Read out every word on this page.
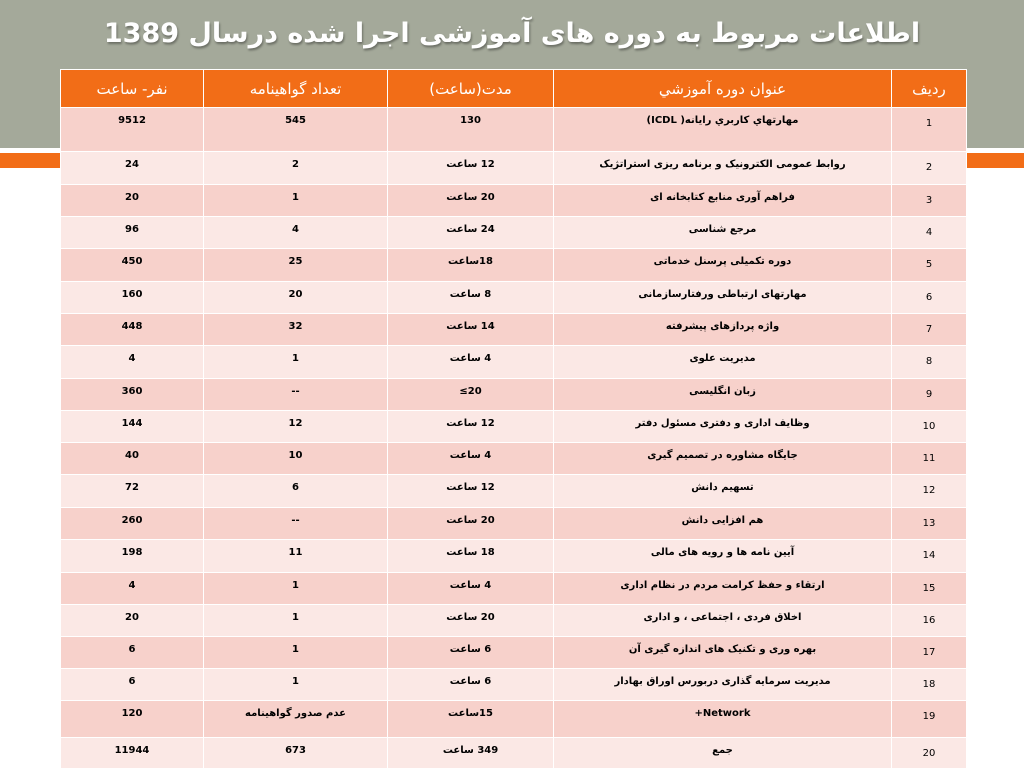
اطلاعات مربوط به دوره های آموزشی اجرا شده درسال 1389
ردیف	عنوان دوره آموزشي	مدت(ساعت)	تعداد گواهینامه	نفر- ساعت
1	مهارتهاي كاربري رايانه( ICDL)	130	545	9512
2	روابط عمومی الکترونیک و برنامه ریزی استراتژیک	12 ساعت	2	24
3	فراهم آوری منابع کتابخانه ای	20 ساعت	1	20
4	مرجع شناسی	24 ساعت	4	96
5	دوره تکمیلی پرسنل خدماتی	18ساعت	25	450
6	مهارتهای ارتباطی ورفتارسازمانی	8 ساعت	20	160
7	واژه پردازهای پیشرفته	14 ساعت	32	448
8	مدیریت علوی	4 ساعت	1	4
9	زبان انگلیسی	20≥	--	360
10	وظایف اداری و دفتری مسئول دفتر	12 ساعت	12	144
11	جایگاه مشاوره در تصمیم گیری	4 ساعت	10	40
12	تسهیم دانش	12 ساعت	6	72
13	هم افزایی دانش	20 ساعت	--	260
14	آیین نامه ها و رویه های مالی	18 ساعت	11	198
15	ارتقاء و حفظ کرامت مردم در نظام اداری	4 ساعت	1	4
16	اخلاق فردی ، اجتماعی ، و اداری	20 ساعت	1	20
17	بهره وری و تکنیک های اندازه گیری آن	6 ساعت	1	6
18	مدیریت سرمایه گذاری دربورس اوراق بهادار	6 ساعت	1	6
19	Network+	15ساعت	عدم صدور گواهینامه	120
20	جمع	349 ساعت	673	11944
